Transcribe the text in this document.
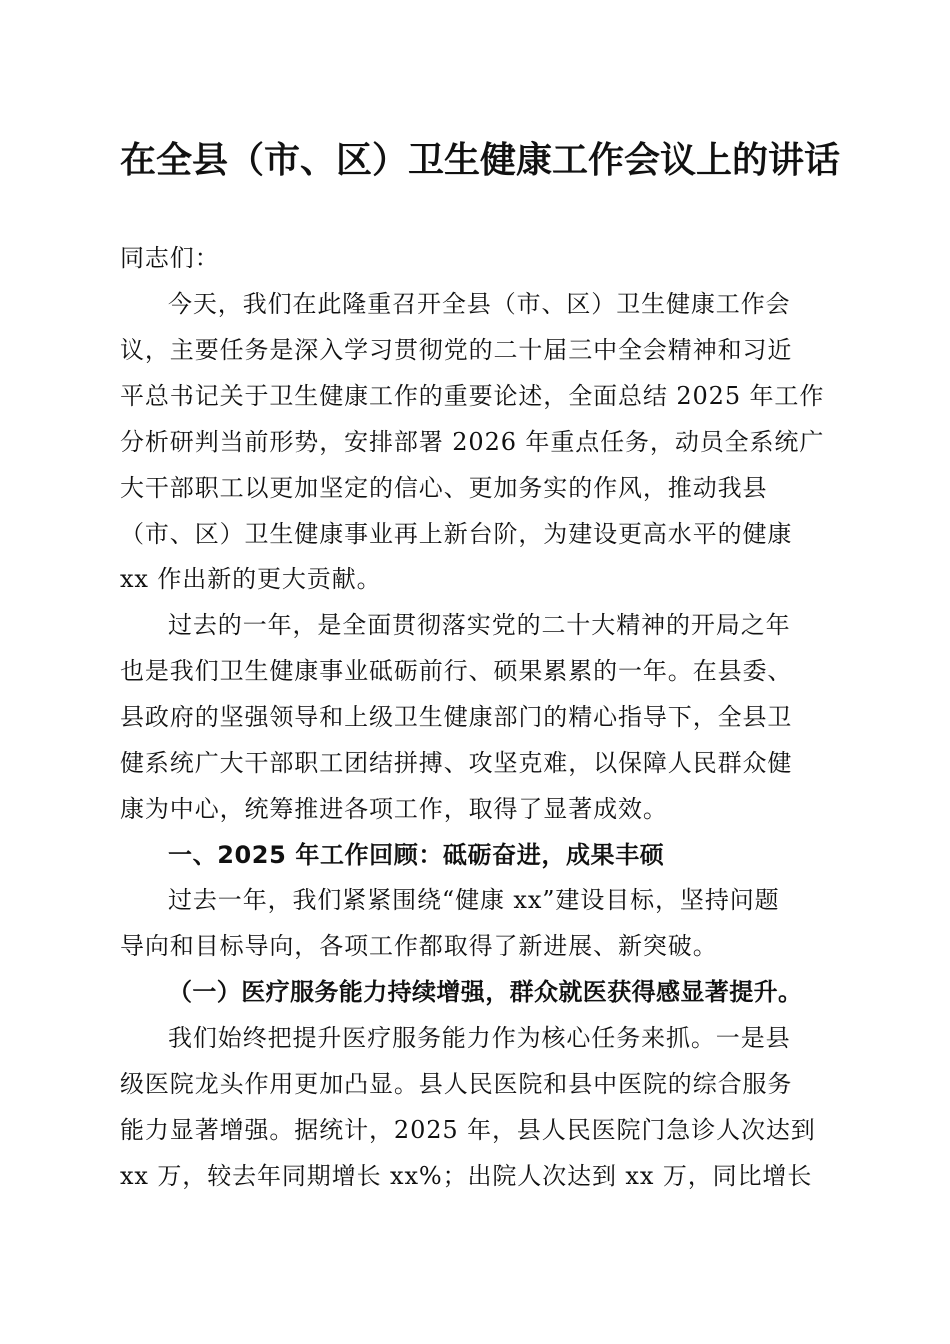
在全县（市、区）卫生健康工作会议上的讲话

同志们：

今天，我们在此隆重召开全县（市、区）卫生健康工作会

议，主要任务是深入学习贯彻党的二十届三中全会精神和习近

平总书记关于卫生健康工作的重要论述，全面总结 2025 年工作

分析研判当前形势，安排部署 2026 年重点任务，动员全系统广

大干部职工以更加坚定的信心、更加务实的作风，推动我县

（市、区）卫生健康事业再上新台阶，为建设更高水平的健康

xx 作出新的更大贡献。

过去的一年，是全面贯彻落实党的二十大精神的开局之年

也是我们卫生健康事业砥砺前行、硕果累累的一年。在县委、

县政府的坚强领导和上级卫生健康部门的精心指导下，全县卫

健系统广大干部职工团结拼搏、攻坚克难，以保障人民群众健

康为中心，统筹推进各项工作，取得了显著成效。

一、2025 年工作回顾：砥砺奋进，成果丰硕

过去一年，我们紧紧围绕“健康 xx”建设目标，坚持问题

导向和目标导向，各项工作都取得了新进展、新突破。

（一）医疗服务能力持续增强，群众就医获得感显著提升。

我们始终把提升医疗服务能力作为核心任务来抓。一是县

级医院龙头作用更加凸显。县人民医院和县中医院的综合服务

能力显著增强。据统计，2025 年，县人民医院门急诊人次达到

xx 万，较去年同期增长 xx%；出院人次达到 xx 万，同比增长
